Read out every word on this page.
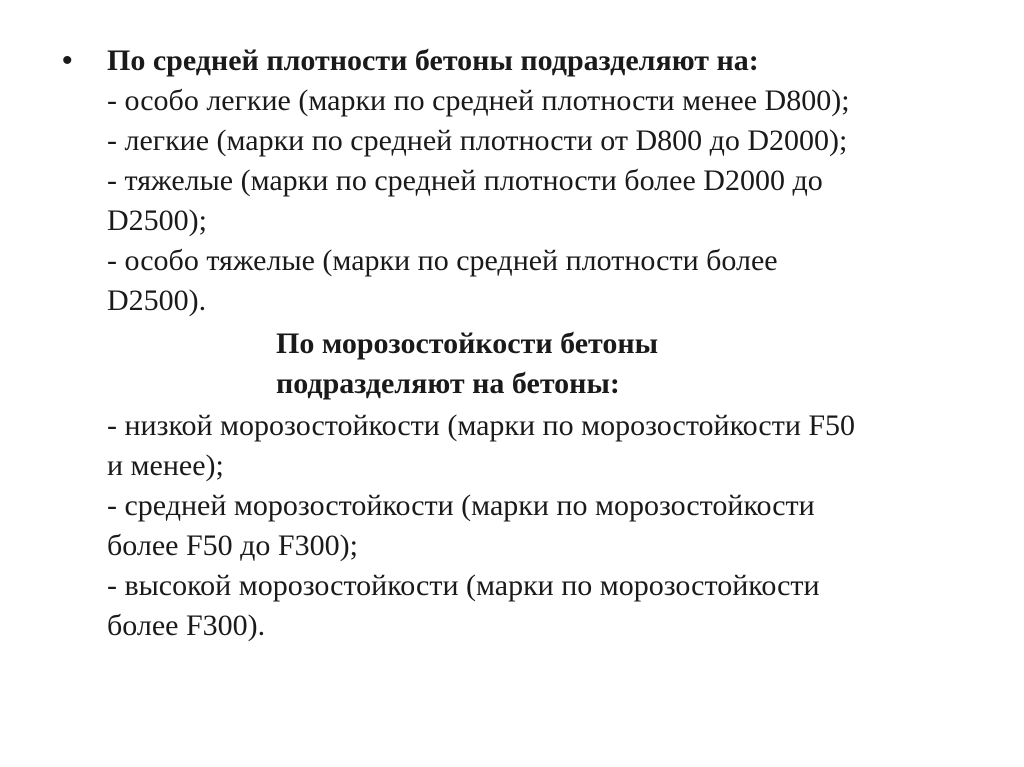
• По средней плотности бетоны подразделяют на:
- особо легкие (марки по средней плотности менее D800);
- легкие (марки по средней плотности от D800 до D2000);
- тяжелые (марки по средней плотности более D2000 до
D2500);
- особо тяжелые (марки по средней плотности более
D2500).
По морозостойкости бетоны
подразделяют на бетоны:
- низкой морозостойкости (марки по морозостойкости F50
и менее);
- средней морозостойкости (марки по морозостойкости
более F50 до F300);
- высокой морозостойкости (марки по морозостойкости
более F300).
